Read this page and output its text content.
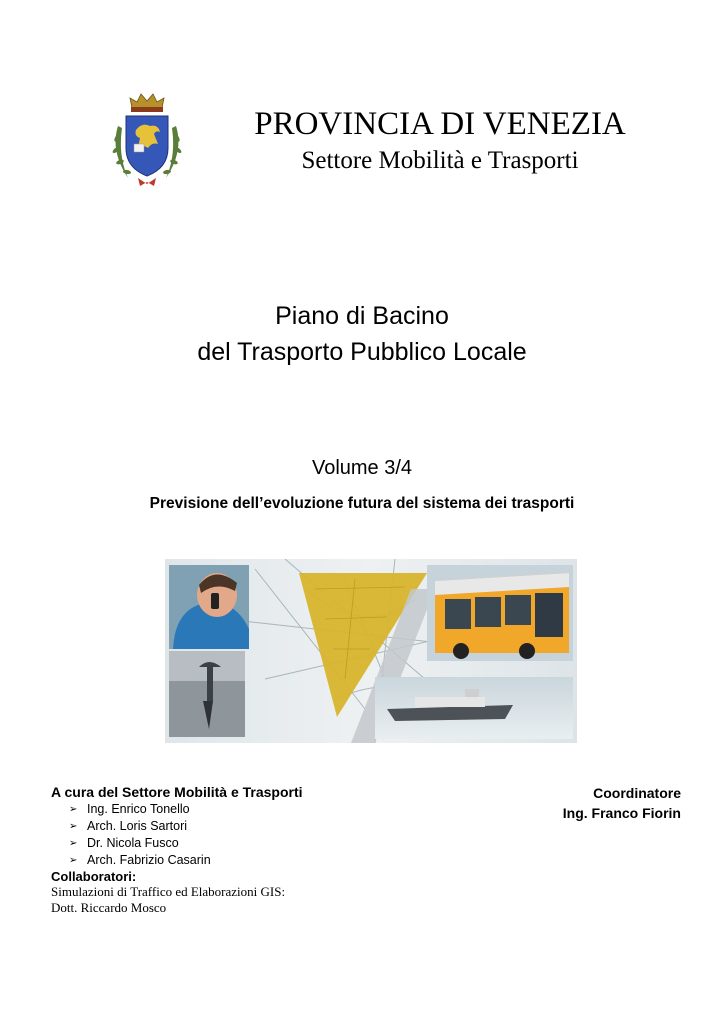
PROVINCIA DI VENEZIA
Settore Mobilità e Trasporti
Piano di Bacino
del Trasporto Pubblico Locale
Volume 3/4
Previsione dell’evoluzione futura del sistema dei trasporti
A cura del Settore Mobilità e Trasporti
➢ Ing. Enrico Tonello
➢ Arch. Loris Sartori
➢ Dr. Nicola Fusco
➢ Arch. Fabrizio Casarin
Collaboratori:
Simulazioni di Traffico ed Elaborazioni GIS:
Dott. Riccardo Mosco
Coordinatore
Ing. Franco Fiorin
